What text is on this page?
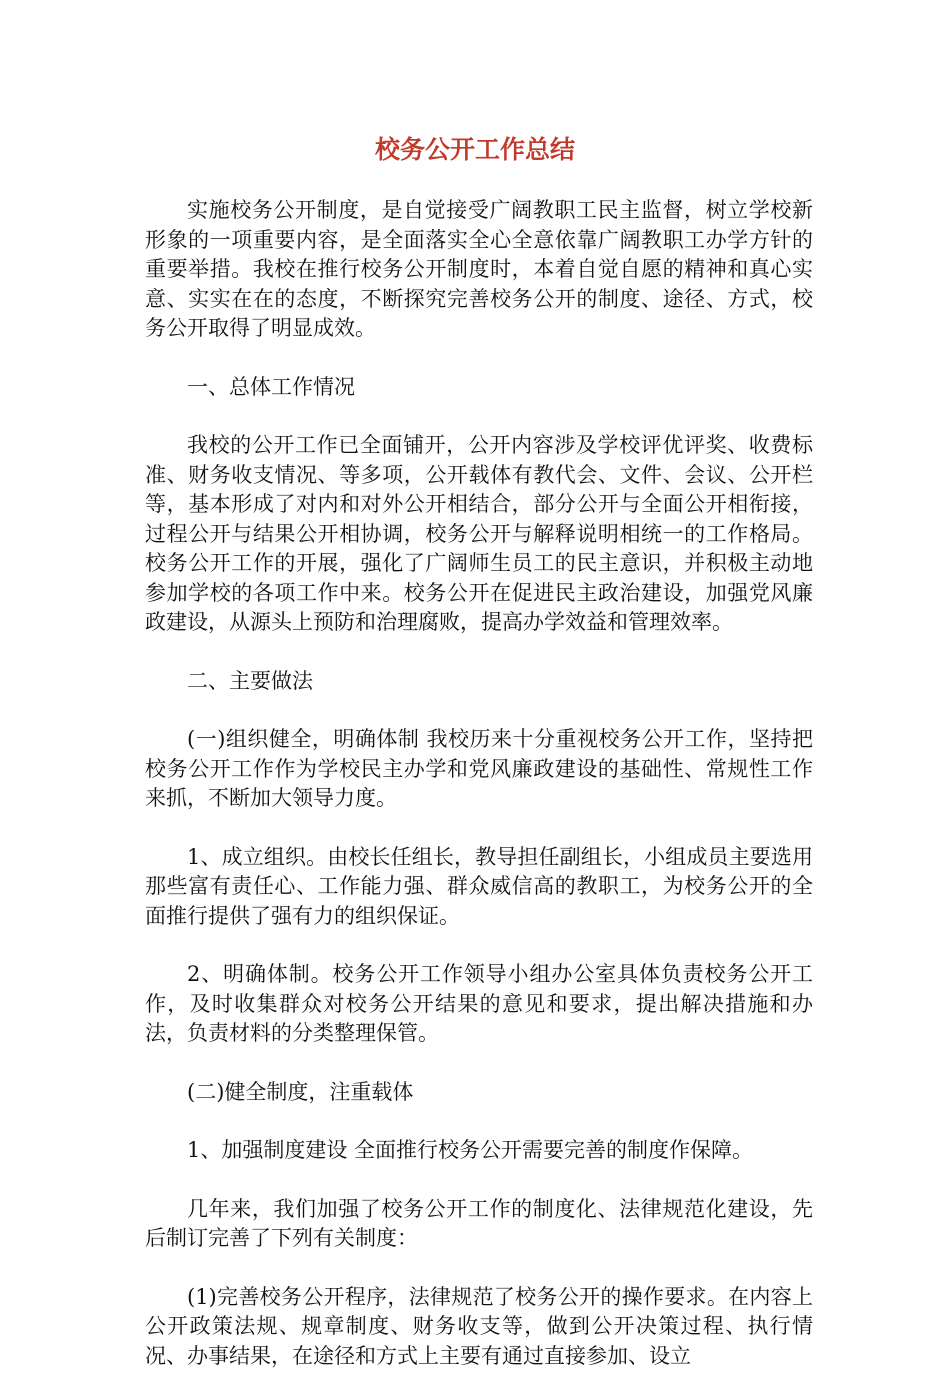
校务公开工作总结

实施校务公开制度，是自觉接受广阔教职工民主监督，树立学校新形象的一项重要内容，是全面落实全心全意依靠广阔教职工办学方针的重要举措。我校在推行校务公开制度时，本着自觉自愿的精神和真心实意、实实在在的态度，不断探究完善校务公开的制度、途径、方式，校务公开取得了明显成效。

一、总体工作情况

我校的公开工作已全面铺开，公开内容涉及学校评优评奖、收费标准、财务收支情况、等多项，公开载体有教代会、文件、会议、公开栏等，基本形成了对内和对外公开相结合，部分公开与全面公开相衔接，过程公开与结果公开相协调，校务公开与解释说明相统一的工作格局。校务公开工作的开展，强化了广阔师生员工的民主意识，并积极主动地参加学校的各项工作中来。校务公开在促进民主政治建设，加强党风廉政建设，从源头上预防和治理腐败，提高办学效益和管理效率。

二、主要做法

(一)组织健全，明确体制 我校历来十分重视校务公开工作，坚持把校务公开工作作为学校民主办学和党风廉政建设的基础性、常规性工作来抓，不断加大领导力度。

1、成立组织。由校长任组长，教导担任副组长，小组成员主要选用那些富有责任心、工作能力强、群众威信高的教职工，为校务公开的全面推行提供了强有力的组织保证。

2、明确体制。校务公开工作领导小组办公室具体负责校务公开工作，及时收集群众对校务公开结果的意见和要求，提出解决措施和办法，负责材料的分类整理保管。

(二)健全制度，注重载体

1、加强制度建设 全面推行校务公开需要完善的制度作保障。

几年来，我们加强了校务公开工作的制度化、法律规范化建设，先后制订完善了下列有关制度：

(1)完善校务公开程序，法律规范了校务公开的操作要求。在内容上公开政策法规、规章制度、财务收支等，做到公开决策过程、执行情况、办事结果，在途径和方式上主要有通过直接参加、设立
